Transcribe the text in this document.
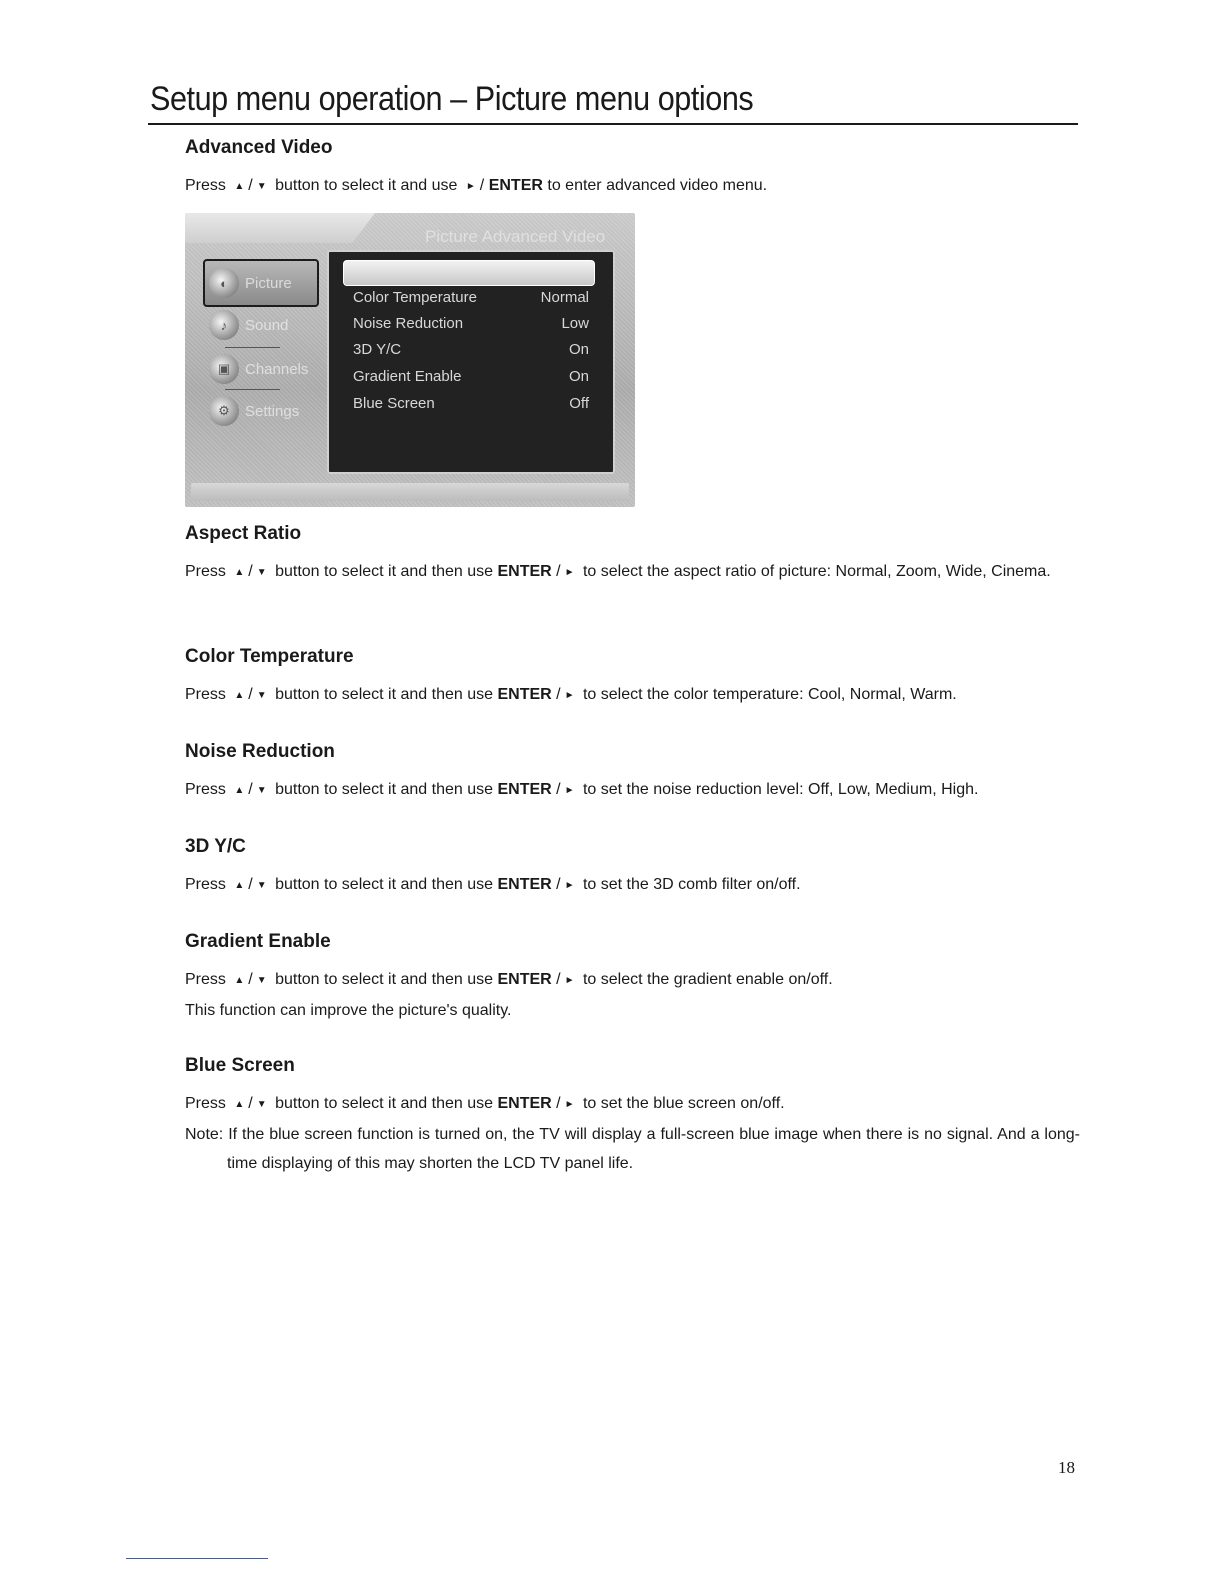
Setup menu operation – Picture menu options
Advanced Video

Press ▲ / ▼ button to select it and use ► / ENTER to enter advanced video menu.

Picture Advanced Video
◐	Picture
♪	Sound
▣ Channels
⚙	Settings
Color Temperature	Normal
Noise Reduction	Low
3D Y/C	On
Gradient Enable	On
Blue Screen	Off
Aspect Ratio

Press ▲ / ▼ button to select it and then use ENTER / ► to select the aspect ratio of picture: Normal, Zoom, Wide, Cinema.

Color Temperature

Press ▲ / ▼ button to select it and then use ENTER / ► to select the color temperature: Cool, Normal, Warm.

Noise Reduction

Press ▲ / ▼ button to select it and then use ENTER / ► to set the noise reduction level: Off, Low, Medium, High.

3D Y/C

Press ▲ / ▼ button to select it and then use ENTER / ► to set the 3D comb filter on/off.

Gradient Enable

Press ▲ / ▼ button to select it and then use ENTER / ► to select the gradient enable on/off.

This function can improve the picture's quality.

Blue Screen

Press ▲ / ▼ button to select it and then use ENTER / ► to set the blue screen on/off.

Note: If the blue screen function is turned on, the TV will display a full-screen blue image when there is no signal. And a long-time displaying of this may shorten the LCD TV panel life.

18
